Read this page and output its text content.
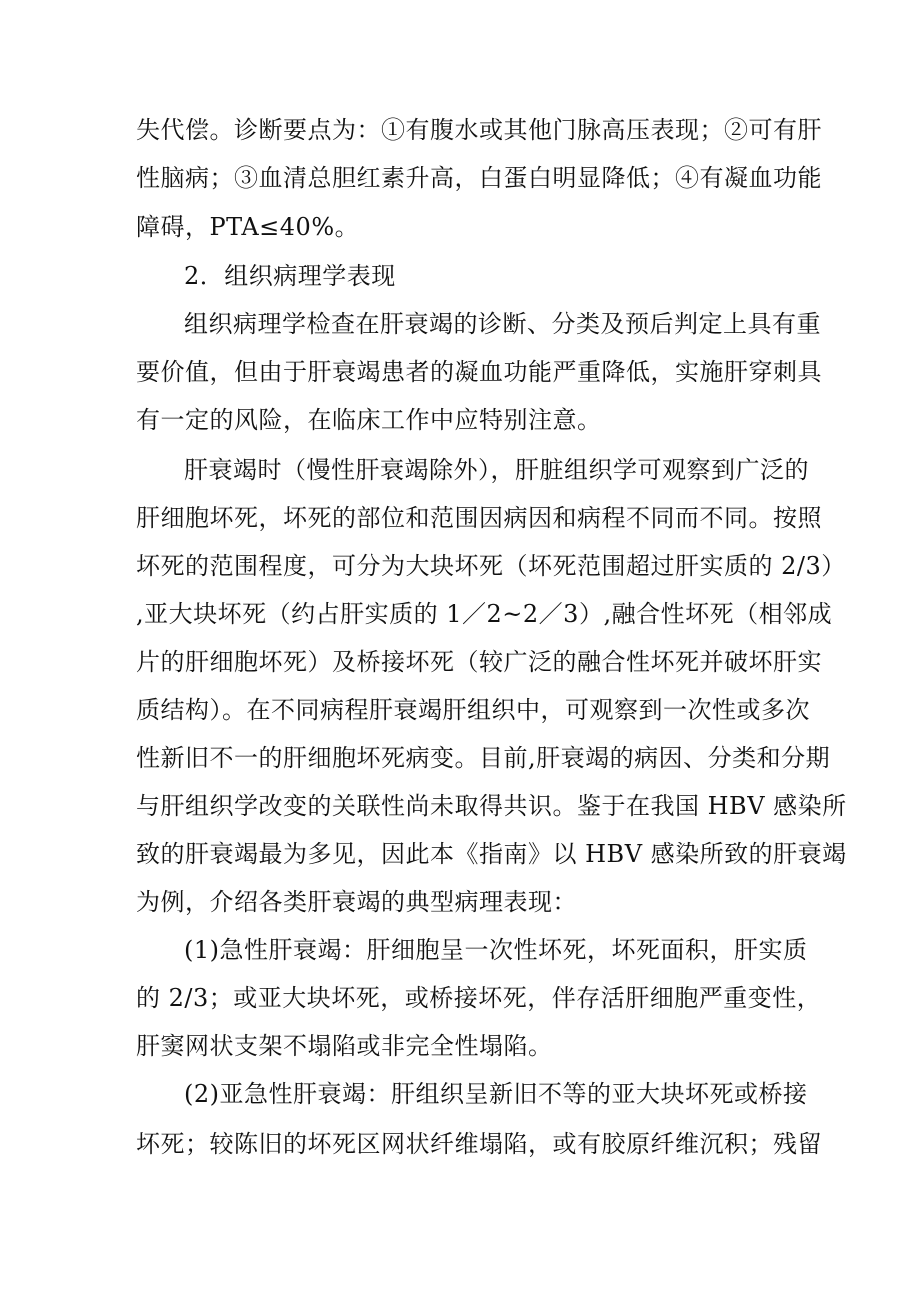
失代偿。诊断要点为：①有腹水或其他门脉高压表现；②可有肝
性脑病；③血清总胆红素升高，白蛋白明显降低；④有凝血功能
障碍，PTA≤40%。
2．组织病理学表现
组织病理学检查在肝衰竭的诊断、分类及预后判定上具有重
要价值，但由于肝衰竭患者的凝血功能严重降低，实施肝穿刺具
有一定的风险，在临床工作中应特别注意。
肝衰竭时（慢性肝衰竭除外），肝脏组织学可观察到广泛的
肝细胞坏死，坏死的部位和范围因病因和病程不同而不同。按照
坏死的范围程度，可分为大块坏死（坏死范围超过肝实质的 2/3）
,亚大块坏死（约占肝实质的 1／2~2／3）,融合性坏死（相邻成
片的肝细胞坏死）及桥接坏死（较广泛的融合性坏死并破坏肝实
质结构）。在不同病程肝衰竭肝组织中，可观察到一次性或多次
性新旧不一的肝细胞坏死病变。目前,肝衰竭的病因、分类和分期
与肝组织学改变的关联性尚未取得共识。鉴于在我国 HBV 感染所
致的肝衰竭最为多见，因此本《指南》以 HBV 感染所致的肝衰竭
为例，介绍各类肝衰竭的典型病理表现：
(1)急性肝衰竭：肝细胞呈一次性坏死，坏死面积，肝实质
的 2/3；或亚大块坏死，或桥接坏死，伴存活肝细胞严重变性，
肝窦网状支架不塌陷或非完全性塌陷。
(2)亚急性肝衰竭：肝组织呈新旧不等的亚大块坏死或桥接
坏死；较陈旧的坏死区网状纤维塌陷，或有胶原纤维沉积；残留
